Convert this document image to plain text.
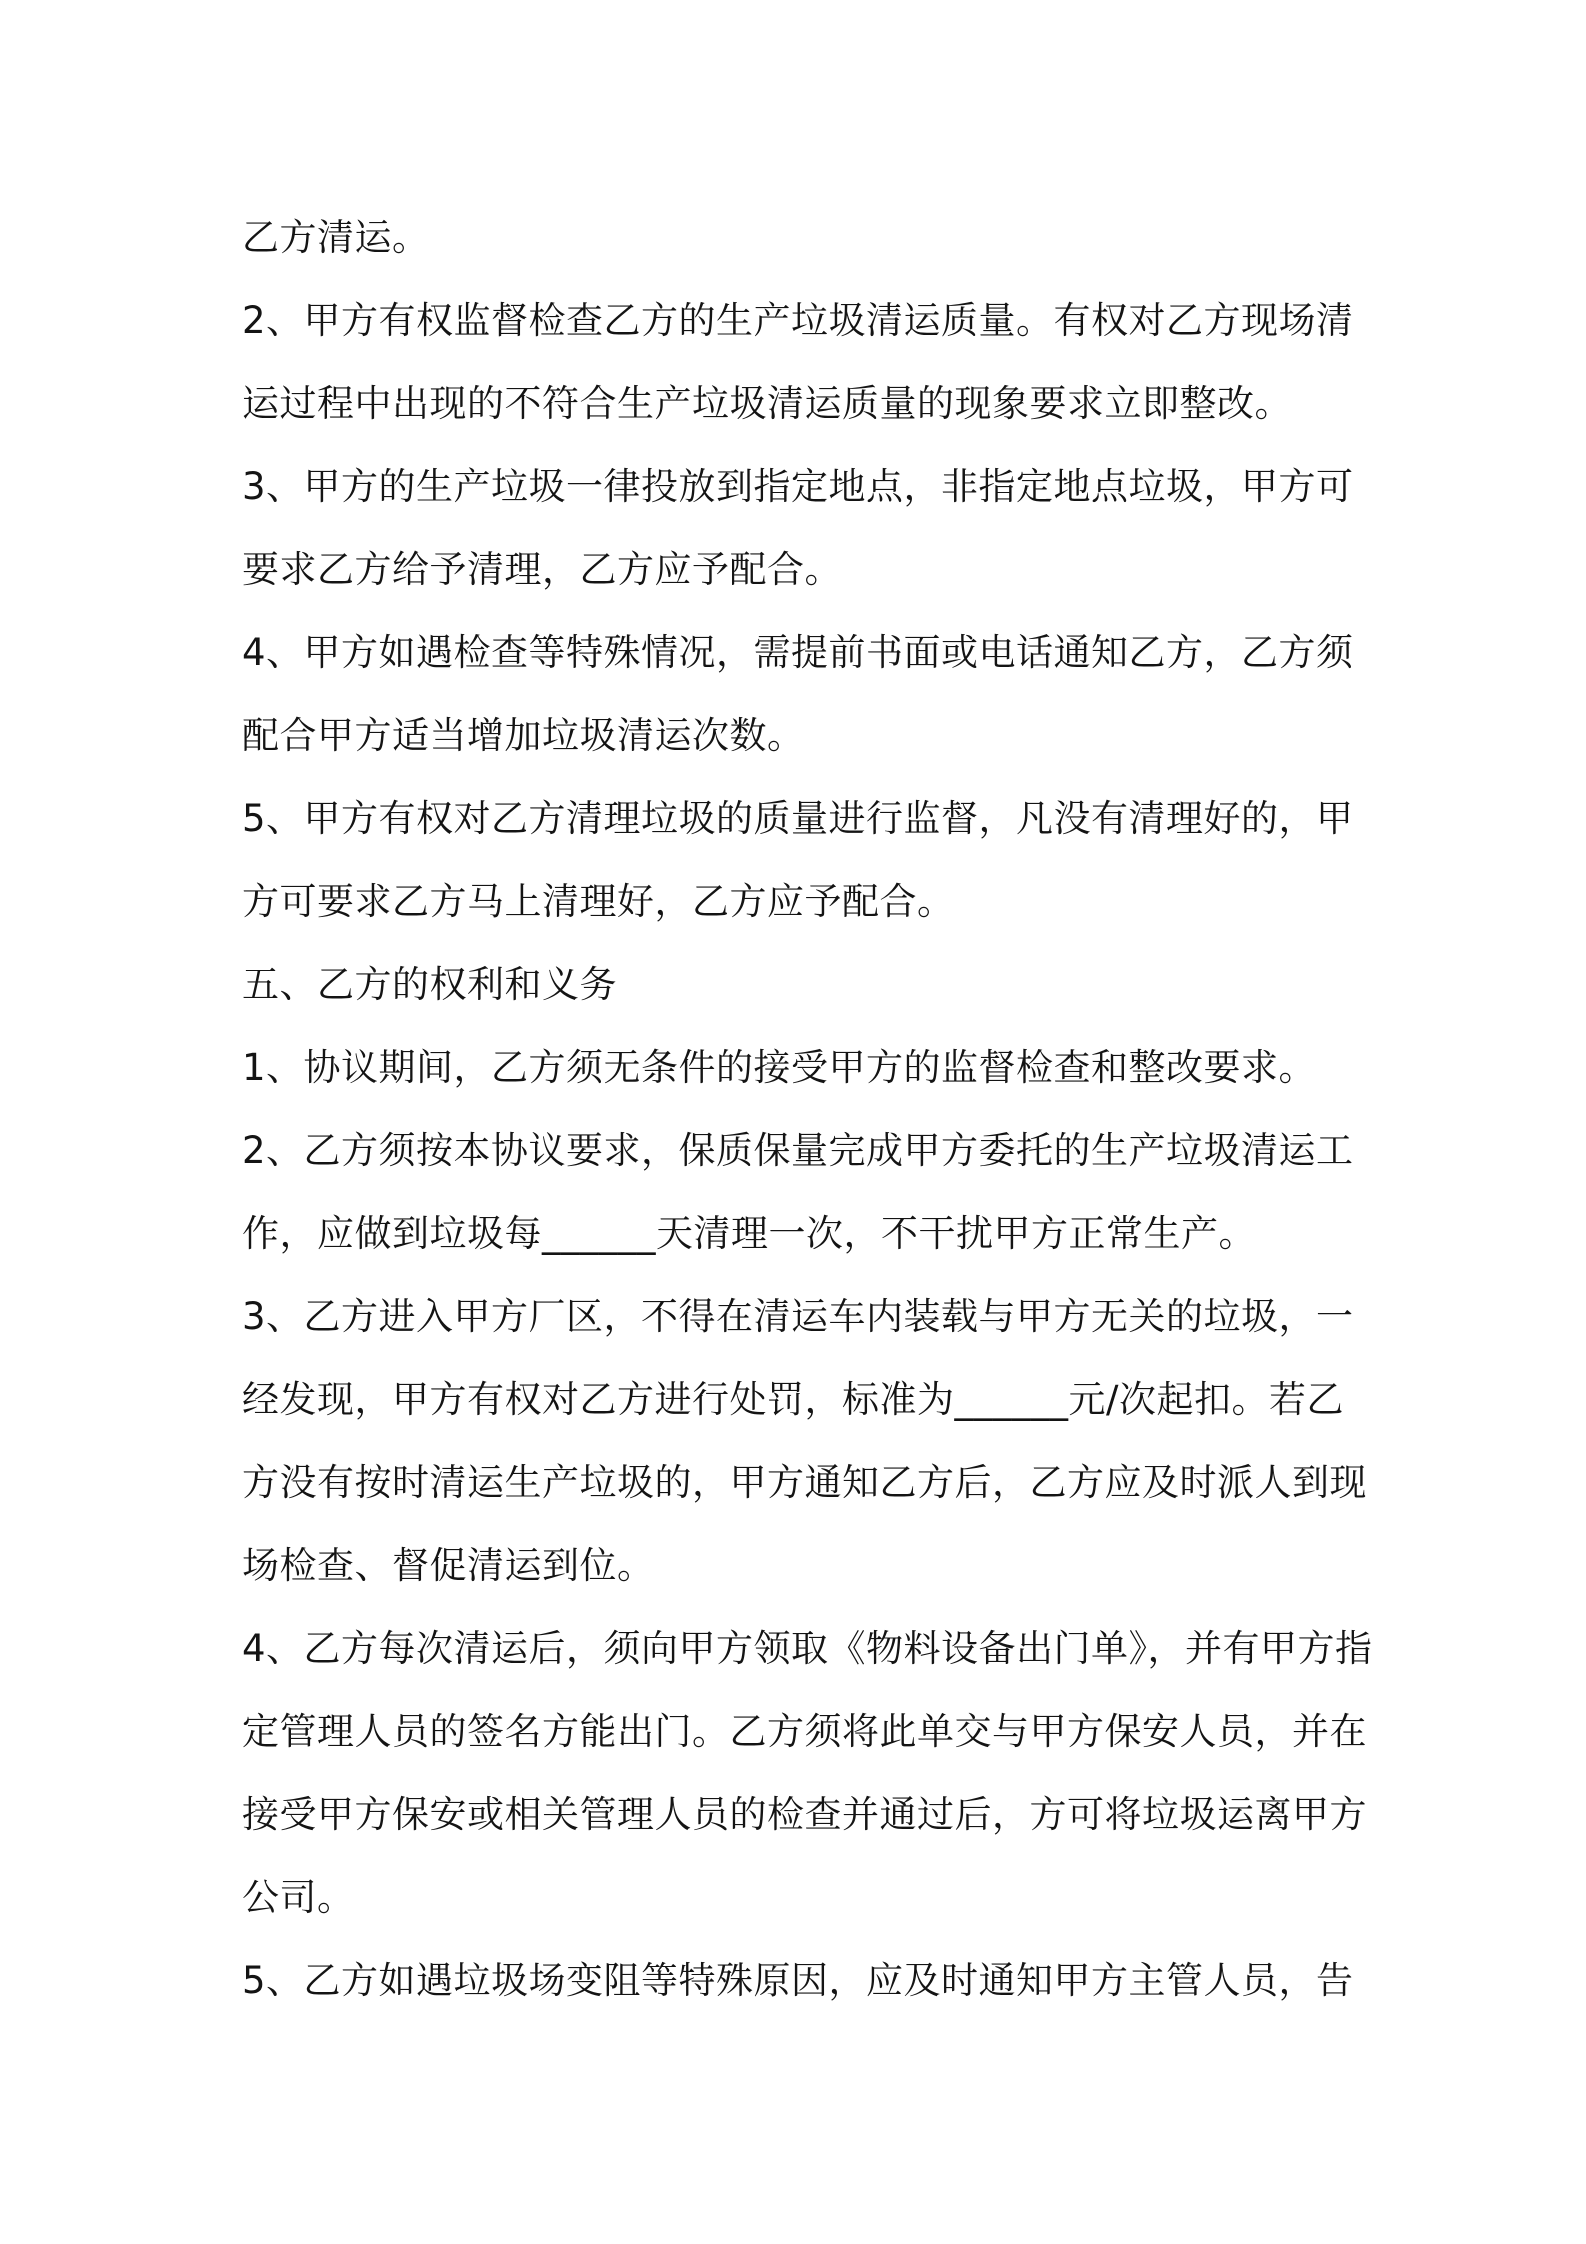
乙方清运。
2、甲方有权监督检查乙方的生产垃圾清运质量。有权对乙方现场清
运过程中出现的不符合生产垃圾清运质量的现象要求立即整改。
3、甲方的生产垃圾一律投放到指定地点，非指定地点垃圾，甲方可
要求乙方给予清理，乙方应予配合。
4、甲方如遇检查等特殊情况，需提前书面或电话通知乙方，乙方须
配合甲方适当增加垃圾清运次数。
5、甲方有权对乙方清理垃圾的质量进行监督，凡没有清理好的，甲
方可要求乙方马上清理好，乙方应予配合。
五、乙方的权利和义务
1、协议期间，乙方须无条件的接受甲方的监督检查和整改要求。
2、乙方须按本协议要求，保质保量完成甲方委托的生产垃圾清运工
作，应做到垃圾每______天清理一次，不干扰甲方正常生产。
3、乙方进入甲方厂区，不得在清运车内装载与甲方无关的垃圾，一
经发现，甲方有权对乙方进行处罚，标准为______元/次起扣。若乙
方没有按时清运生产垃圾的，甲方通知乙方后，乙方应及时派人到现
场检查、督促清运到位。
4、乙方每次清运后，须向甲方领取《物料设备出门单》，并有甲方指
定管理人员的签名方能出门。乙方须将此单交与甲方保安人员，并在
接受甲方保安或相关管理人员的检查并通过后，方可将垃圾运离甲方
公司。
5、乙方如遇垃圾场变阻等特殊原因，应及时通知甲方主管人员，告
